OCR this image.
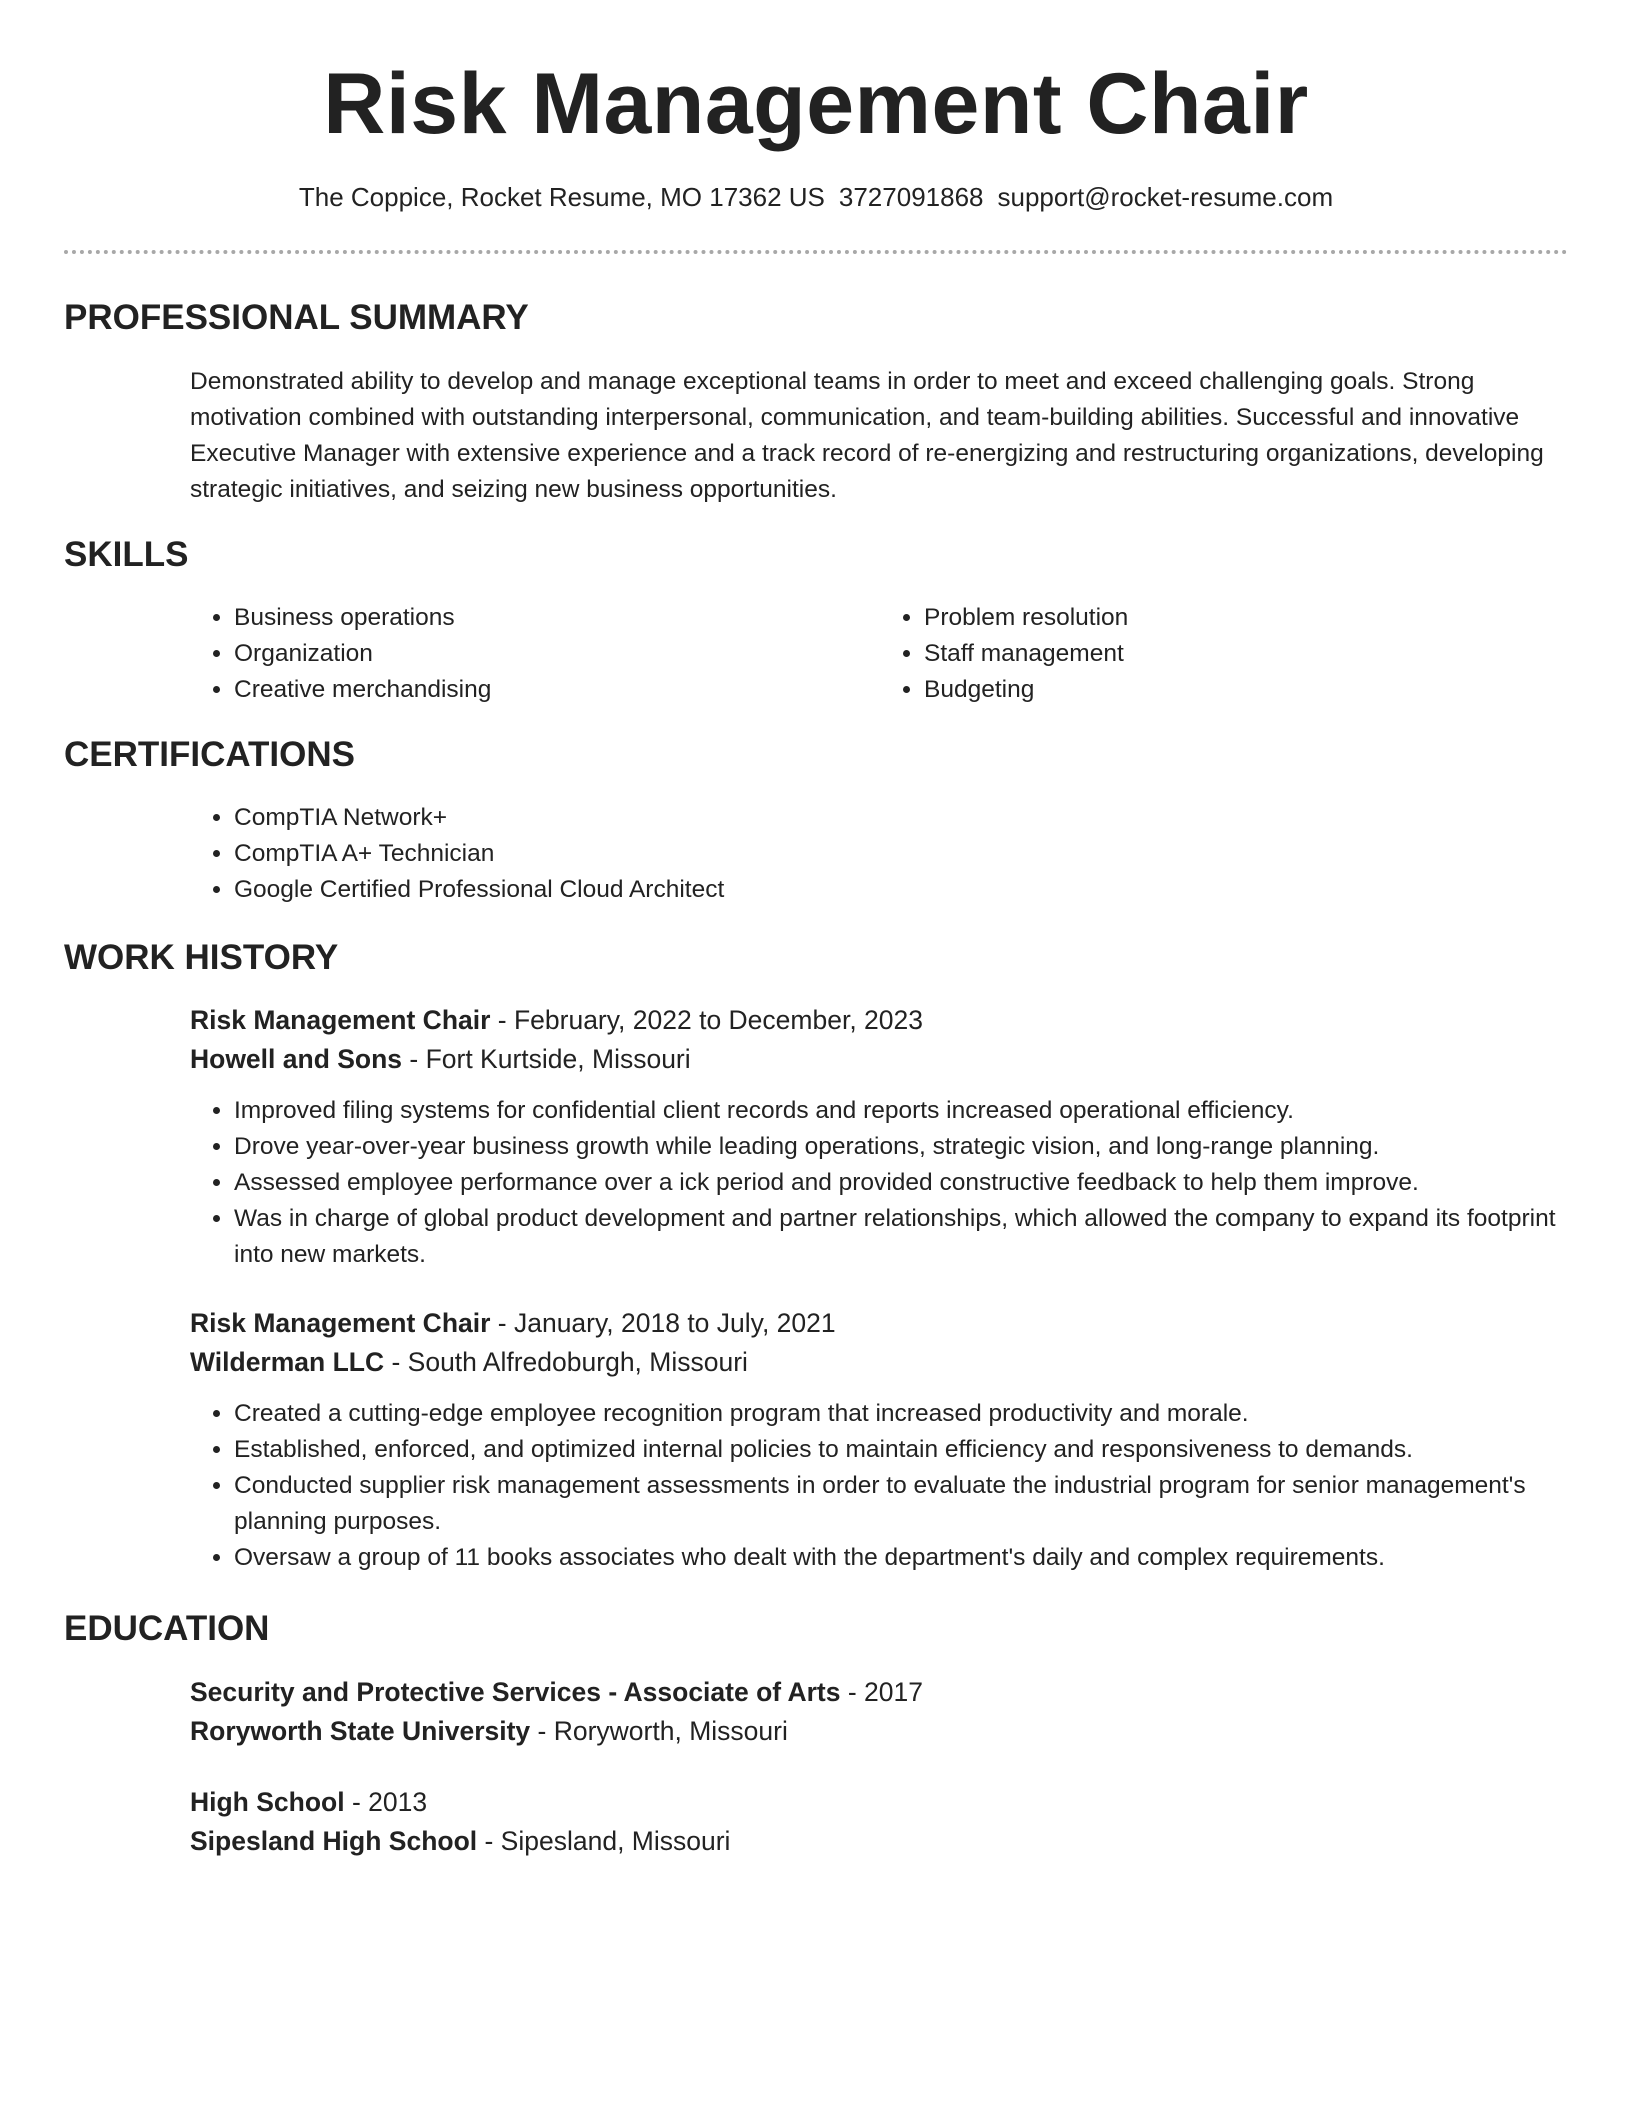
Risk Management Chair
The Coppice, Rocket Resume, MO 17362 US 3727091868 support@rocket-resume.com
PROFESSIONAL SUMMARY

Demonstrated ability to develop and manage exceptional teams in order to meet and exceed challenging goals. Strong motivation combined with outstanding interpersonal, communication, and team-building abilities. Successful and innovative Executive Manager with extensive experience and a track record of re-energizing and restructuring organizations, developing strategic initiatives, and seizing new business opportunities.

SKILLS
• Business operations
• Organization
• Creative merchandising
• Problem resolution
• Staff management
• Budgeting
CERTIFICATIONS
• CompTIA Network+
• CompTIA A+ Technician
• Google Certified Professional Cloud Architect
WORK HISTORY
Risk Management Chair - February, 2022 to December, 2023
Howell and Sons - Fort Kurtside, Missouri
• Improved filing systems for confidential client records and reports increased operational efficiency.
• Drove year-over-year business growth while leading operations, strategic vision, and long-range planning.
• Assessed employee performance over a ick period and provided constructive feedback to help them improve.
• Was in charge of global product development and partner relationships, which allowed the company to expand its footprint into new markets.
Risk Management Chair - January, 2018 to July, 2021
Wilderman LLC - South Alfredoburgh, Missouri
• Created a cutting-edge employee recognition program that increased productivity and morale.
• Established, enforced, and optimized internal policies to maintain efficiency and responsiveness to demands.
• Conducted supplier risk management assessments in order to evaluate the industrial program for senior management's planning purposes.
• Oversaw a group of 11 books associates who dealt with the department's daily and complex requirements.
EDUCATION
Security and Protective Services - Associate of Arts - 2017
Roryworth State University - Roryworth, Missouri
High School - 2013
Sipesland High School - Sipesland, Missouri
